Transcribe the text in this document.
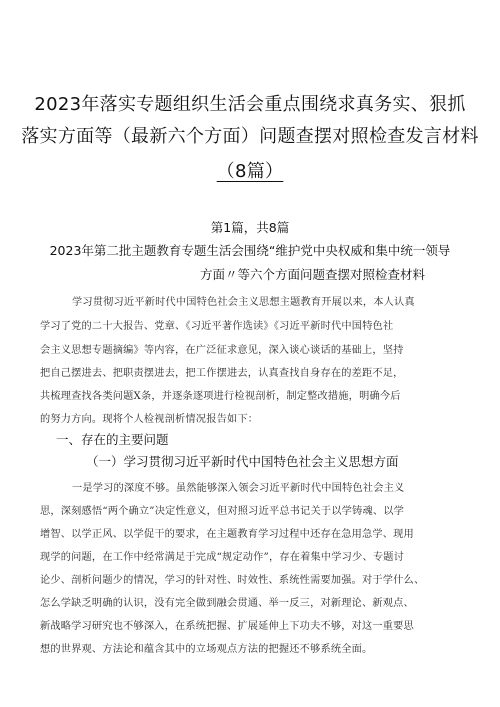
2023年落实专题组织生活会重点围绕求真务实、狠抓
落实方面等（最新六个方面）问题查摆对照检查发言材料
（8篇）
第1篇，共8篇
2023年第二批主题教育专题生活会围绕“维护党中央权威和集中统一领导
方面〃等六个方面问题查摆对照检查材料
学习贯彻习近平新时代中国特色社会主义思想主题教育开展以来，本人认真
学习了党的二十大报告、党章、《习近平著作选读》《习近平新时代中国特色社
会主义思想专题摘编》等内容，在广泛征求意见，深入谈心谈话的基础上，坚持
把自己摆进去、把职责摆进去，把工作摆进去，认真查找自身存在的差距不足，
共梳理查找各类问题X条，并逐条逐项进行检视剖析，制定整改措施，明确今后
的努力方向。现将个人检视剖析情况报告如下：
一、存在的主要问题
（一）学习贯彻习近平新时代中国特色社会主义思想方面
一是学习的深度不够。虽然能够深入领会习近平新时代中国特色社会主义
思，深刻感悟“两个确立”决定性意义，但对照习近平总书记关于以学铸魂、以学
增智、以学正风、以学促干的要求，在主题教育学习过程中还存在急用急学、现用
现学的问题，在工作中经常满足于完成“规定动作”，存在着集中学习少、专题讨
论少、剖析问题少的情况，学习的针对性、时效性、系统性需要加强。对于学什么、
怎么学缺乏明确的认识，没有完全做到融会贯通、举一反三，对新理论、新观点、
新战略学习研究也不够深入，在系统把握、扩展延伸上下功夫不够，对这一重要思
想的世界观、方法论和蕴含其中的立场观点方法的把握还不够系统全面。
